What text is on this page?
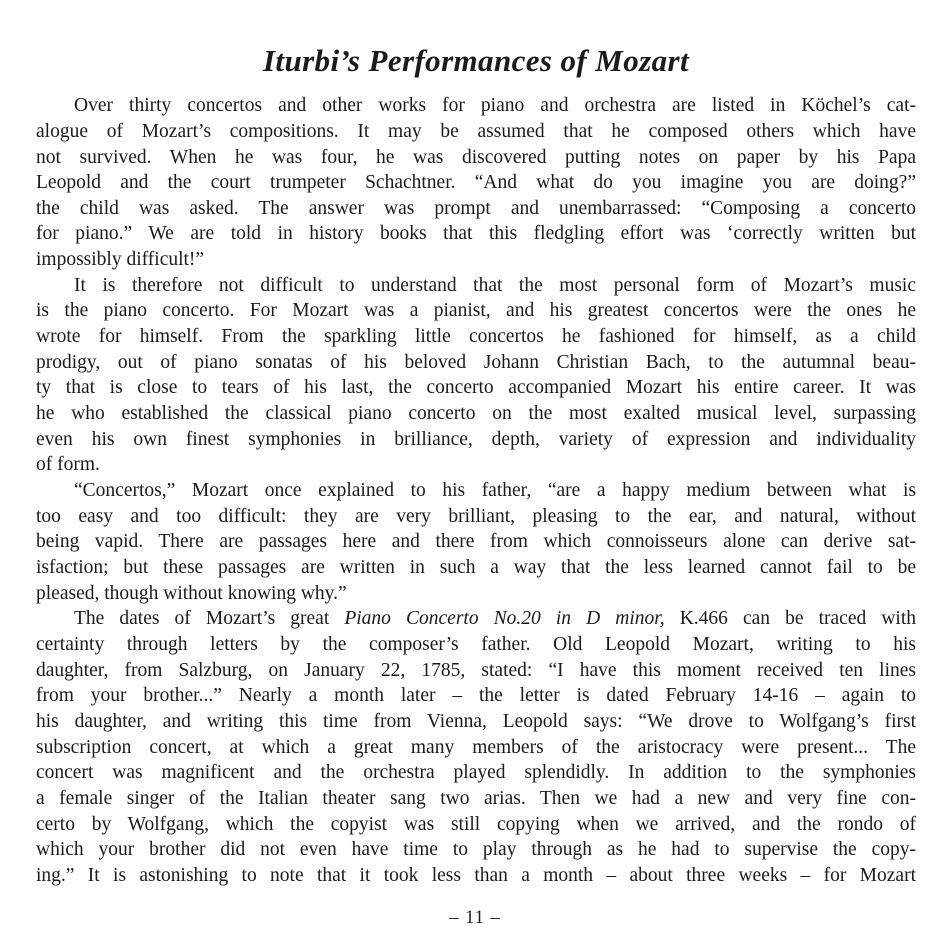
Iturbi’s Performances of Mozart
Over thirty concertos and other works for piano and orchestra are listed in Köchel’s cat-
alogue of Mozart’s compositions. It may be assumed that he composed others which have
not survived. When he was four, he was discovered putting notes on paper by his Papa
Leopold and the court trumpeter Schachtner. “And what do you imagine you are doing?”
the child was asked. The answer was prompt and unembarrassed: “Composing a concerto
for piano.” We are told in history books that this fledgling effort was ‘correctly written but
impossibly difficult!”
It is therefore not difficult to understand that the most personal form of Mozart’s music
is the piano concerto. For Mozart was a pianist, and his greatest concertos were the ones he
wrote for himself. From the sparkling little concertos he fashioned for himself, as a child
prodigy, out of piano sonatas of his beloved Johann Christian Bach, to the autumnal beau-
ty that is close to tears of his last, the concerto accompanied Mozart his entire career. It was
he who established the classical piano concerto on the most exalted musical level, surpassing
even his own finest symphonies in brilliance, depth, variety of expression and individuality
of form.
“Concertos,” Mozart once explained to his father, “are a happy medium between what is
too easy and too difficult: they are very brilliant, pleasing to the ear, and natural, without
being vapid. There are passages here and there from which connoisseurs alone can derive sat-
isfaction; but these passages are written in such a way that the less learned cannot fail to be
pleased, though without knowing why.”
The dates of Mozart’s great Piano Concerto No.20 in D minor, K.466 can be traced with
certainty through letters by the composer’s father. Old Leopold Mozart, writing to his
daughter, from Salzburg, on January 22, 1785, stated: “I have this moment received ten lines
from your brother...” Nearly a month later – the letter is dated February 14-16 – again to
his daughter, and writing this time from Vienna, Leopold says: “We drove to Wolfgang’s first
subscription concert, at which a great many members of the aristocracy were present... The
concert was magnificent and the orchestra played splendidly. In addition to the symphonies
a female singer of the Italian theater sang two arias. Then we had a new and very fine con-
certo by Wolfgang, which the copyist was still copying when we arrived, and the rondo of
which your brother did not even have time to play through as he had to supervise the copy-
ing.” It is astonishing to note that it took less than a month – about three weeks – for Mozart
– 11 –
